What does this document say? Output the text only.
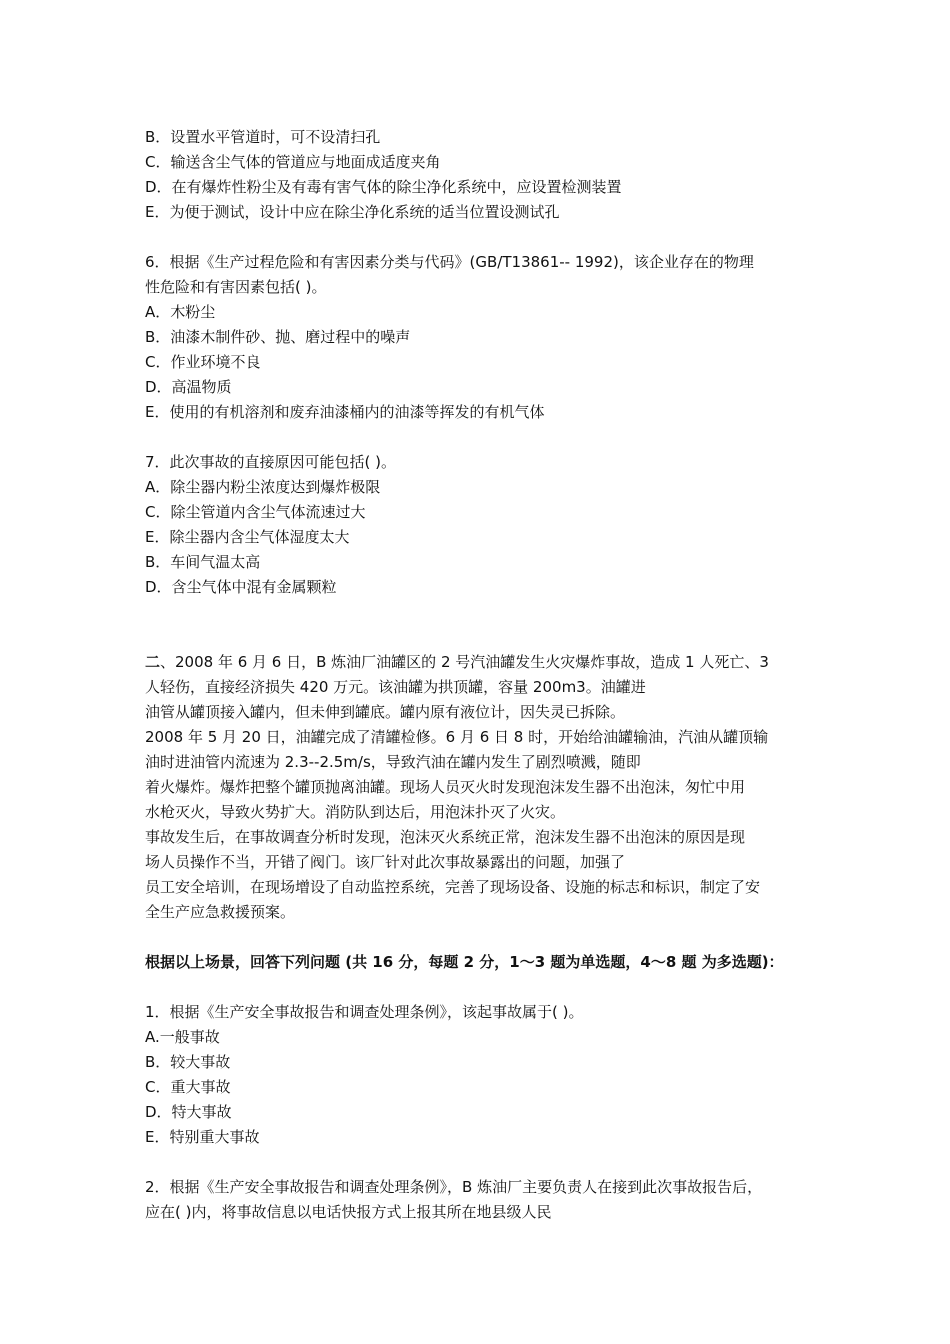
B．设置水平管道时，可不设清扫孔
C．输送含尘气体的管道应与地面成适度夹角
D．在有爆炸性粉尘及有毒有害气体的除尘净化系统中，应设置检测装置
E．为便于测试，设计中应在除尘净化系统的适当位置设测试孔
6．根据《生产过程危险和有害因素分类与代码》(GB/T13861-- 1992)，该企业存在的物理
性危险和有害因素包括( )。
A．木粉尘
B．油漆木制件砂、抛、磨过程中的噪声
C．作业环境不良
D．高温物质
E．使用的有机溶剂和废弃油漆桶内的油漆等挥发的有机气体
7．此次事故的直接原因可能包括( )。
A．除尘器内粉尘浓度达到爆炸极限
C．除尘管道内含尘气体流速过大
E．除尘器内含尘气体湿度太大
B．车间气温太高
D．含尘气体中混有金属颗粒
二、2008 年 6 月 6 日，B 炼油厂油罐区的 2 号汽油罐发生火灾爆炸事故，造成 1 人死亡、3
人轻伤，直接经济损失 420 万元。该油罐为拱顶罐，容量 200m3。油罐进
油管从罐顶接入罐内，但未伸到罐底。罐内原有液位计，因失灵已拆除。
2008 年 5 月 20 日，油罐完成了清罐检修。6 月 6 日 8 时，开始给油罐输油，汽油从罐顶输
油时进油管内流速为 2.3--2.5m/s，导致汽油在罐内发生了剧烈喷溅，随即
着火爆炸。爆炸把整个罐顶抛离油罐。现场人员灭火时发现泡沫发生器不出泡沫，匆忙中用
水枪灭火，导致火势扩大。消防队到达后，用泡沫扑灭了火灾。
事故发生后，在事故调查分析时发现，泡沫灭火系统正常，泡沫发生器不出泡沫的原因是现
场人员操作不当，开错了阀门。该厂针对此次事故暴露出的问题，加强了
员工安全培训，在现场增设了自动监控系统，完善了现场设备、设施的标志和标识，制定了安
全生产应急救援预案。
根据以上场景，回答下列问题 (共 16 分，每题 2 分，1～3 题为单选题，4～8 题 为多选题)：
1．根据《生产安全事故报告和调查处理条例》，该起事故属于( )。
A.一般事故
B．较大事故
C．重大事故
D．特大事故
E．特别重大事故
2．根据《生产安全事故报告和调查处理条例》，B 炼油厂主要负责人在接到此次事故报告后，
应在( )内，将事故信息以电话快报方式上报其所在地县级人民
